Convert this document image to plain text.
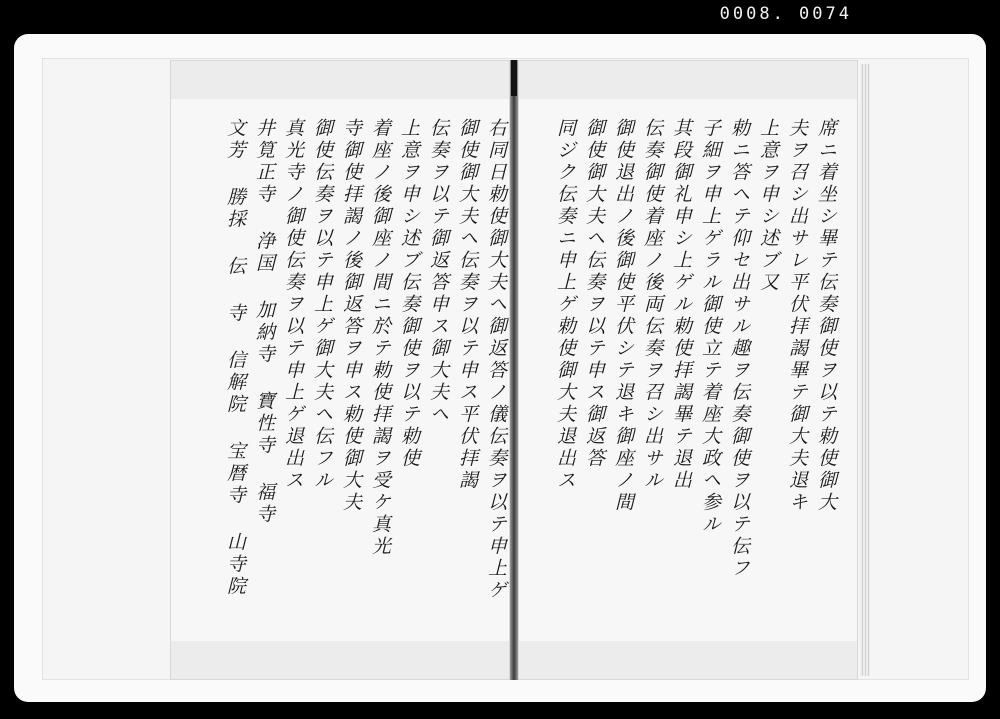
0008. 0074
席ニ着坐シ畢テ伝奏御使ヲ以テ勅使御大
夫ヲ召シ出サレ平伏拝謁畢テ御大夫退キ
上意ヲ申シ述ブ又
勅ニ答ヘテ仰セ出サル趣ヲ伝奏御使ヲ以テ伝フ
子細ヲ申上ゲラル御使立テ着座大政ヘ参ル
其段御礼申シ上ゲル勅使拝謁畢テ退出
伝奏御使着座ノ後両伝奏ヲ召シ出サル
御使退出ノ後御使平伏シテ退キ御座ノ間
御使御大夫ヘ伝奏ヲ以テ申ス御返答
同ジク伝奏ニ申上ゲ勅使御大夫退出ス
右同日勅使御大夫ヘ御返答ノ儀伝奏ヲ以テ申上ゲ
御使御大夫ヘ伝奏ヲ以テ申ス平伏拝謁
伝奏ヲ以テ御返答申ス御大夫ヘ
上意ヲ申シ述ブ伝奏御使ヲ以テ勅使
着座ノ後御座ノ間ニ於テ勅使拝謁ヲ受ケ真光
寺御使拝謁ノ後御返答ヲ申ス勅使御大夫
御使伝奏ヲ以テ申上ゲ御大夫ヘ伝フル
真光寺ノ御使伝奏ヲ以テ申上ゲ退出ス
井筧正寺 浄国 加納寺 寶性寺 福寺
文芳 勝採 伝 寺 信解院 宝暦寺 山寺院
